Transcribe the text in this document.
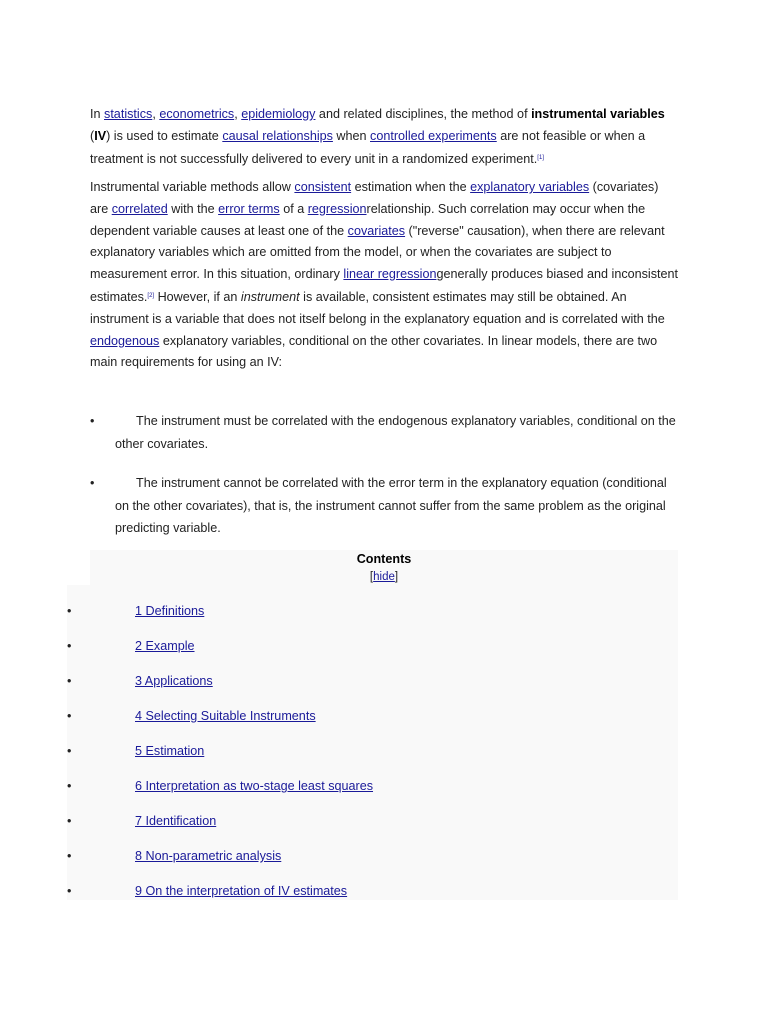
In statistics, econometrics, epidemiology and related disciplines, the method of instrumental variables (IV) is used to estimate causal relationships when controlled experiments are not feasible or when a treatment is not successfully delivered to every unit in a randomized experiment.[1]

Instrumental variable methods allow consistent estimation when the explanatory variables (covariates) are correlated with the error terms of a regressionrelationship. Such correlation may occur when the dependent variable causes at least one of the covariates ("reverse" causation), when there are relevant explanatory variables which are omitted from the model, or when the covariates are subject to measurement error. In this situation, ordinary linear regressiongenerally produces biased and inconsistent estimates.[2] However, if an instrument is available, consistent estimates may still be obtained. An instrument is a variable that does not itself belong in the explanatory equation and is correlated with the endogenous explanatory variables, conditional on the other covariates. In linear models, there are two main requirements for using an IV:

•	The instrument must be correlated with the endogenous explanatory variables, conditional on the other covariates.
•	The instrument cannot be correlated with the error term in the explanatory equation (conditional on the other covariates), that is, the instrument cannot suffer from the same problem as the original predicting variable.
Contents
[hide]
•	1 Definitions
•	2 Example
•	3 Applications
•	4 Selecting Suitable Instruments
•	5 Estimation
•	6 Interpretation as two-stage least squares
•	7 Identification
•	8 Non-parametric analysis
•	9 On the interpretation of IV estimates
